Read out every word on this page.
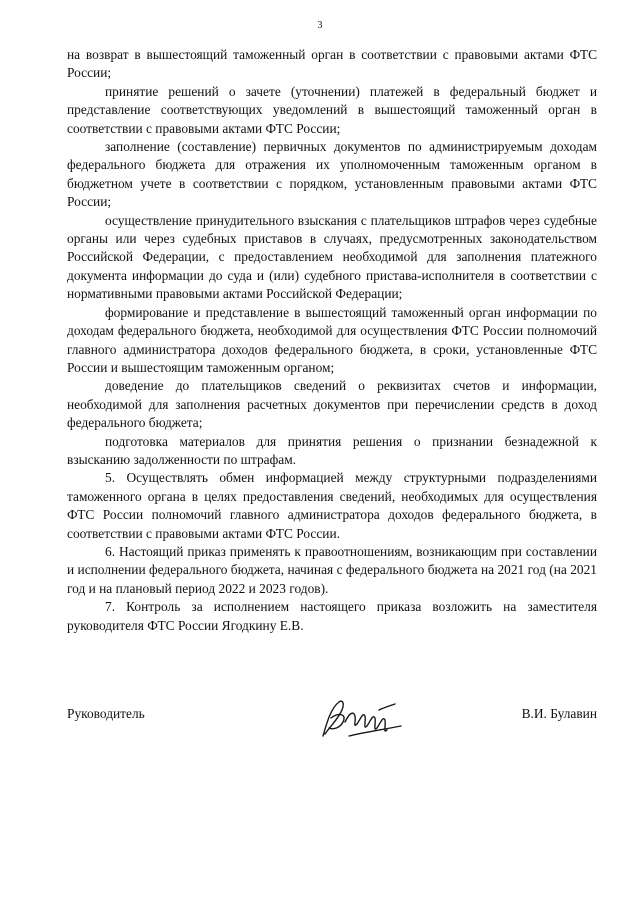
3

на возврат в вышестоящий таможенный орган в соответствии с правовыми актами ФТС России;

принятие решений о зачете (уточнении) платежей в федеральный бюджет и представление соответствующих уведомлений в вышестоящий таможенный орган в соответствии с правовыми актами ФТС России;

заполнение (составление) первичных документов по администрируемым доходам федерального бюджета для отражения их уполномоченным таможенным органом в бюджетном учете в соответствии с порядком, установленным правовыми актами ФТС России;

осуществление принудительного взыскания с плательщиков штрафов через судебные органы или через судебных приставов в случаях, предусмотренных законодательством Российской Федерации, с предоставлением необходимой для заполнения платежного документа информации до суда и (или) судебного пристава-исполнителя в соответствии с нормативными правовыми актами Российской Федерации;

формирование и представление в вышестоящий таможенный орган информации по доходам федерального бюджета, необходимой для осуществления ФТС России полномочий главного администратора доходов федерального бюджета, в сроки, установленные ФТС России и вышестоящим таможенным органом;

доведение до плательщиков сведений о реквизитах счетов и информации, необходимой для заполнения расчетных документов при перечислении средств в доход федерального бюджета;

подготовка материалов для принятия решения о признании безнадежной к взысканию задолженности по штрафам.

5. Осуществлять обмен информацией между структурными подразделениями таможенного органа в целях предоставления сведений, необходимых для осуществления ФТС России полномочий главного администратора доходов федерального бюджета, в соответствии с правовыми актами ФТС России.

6. Настоящий приказ применять к правоотношениям, возникающим при составлении и исполнении федерального бюджета, начиная с федерального бюджета на 2021 год (на 2021 год и на плановый период 2022 и 2023 годов).

7. Контроль за исполнением настоящего приказа возложить на заместителя руководителя ФТС России Ягодкину Е.В.

Руководитель	В.И. Булавин
